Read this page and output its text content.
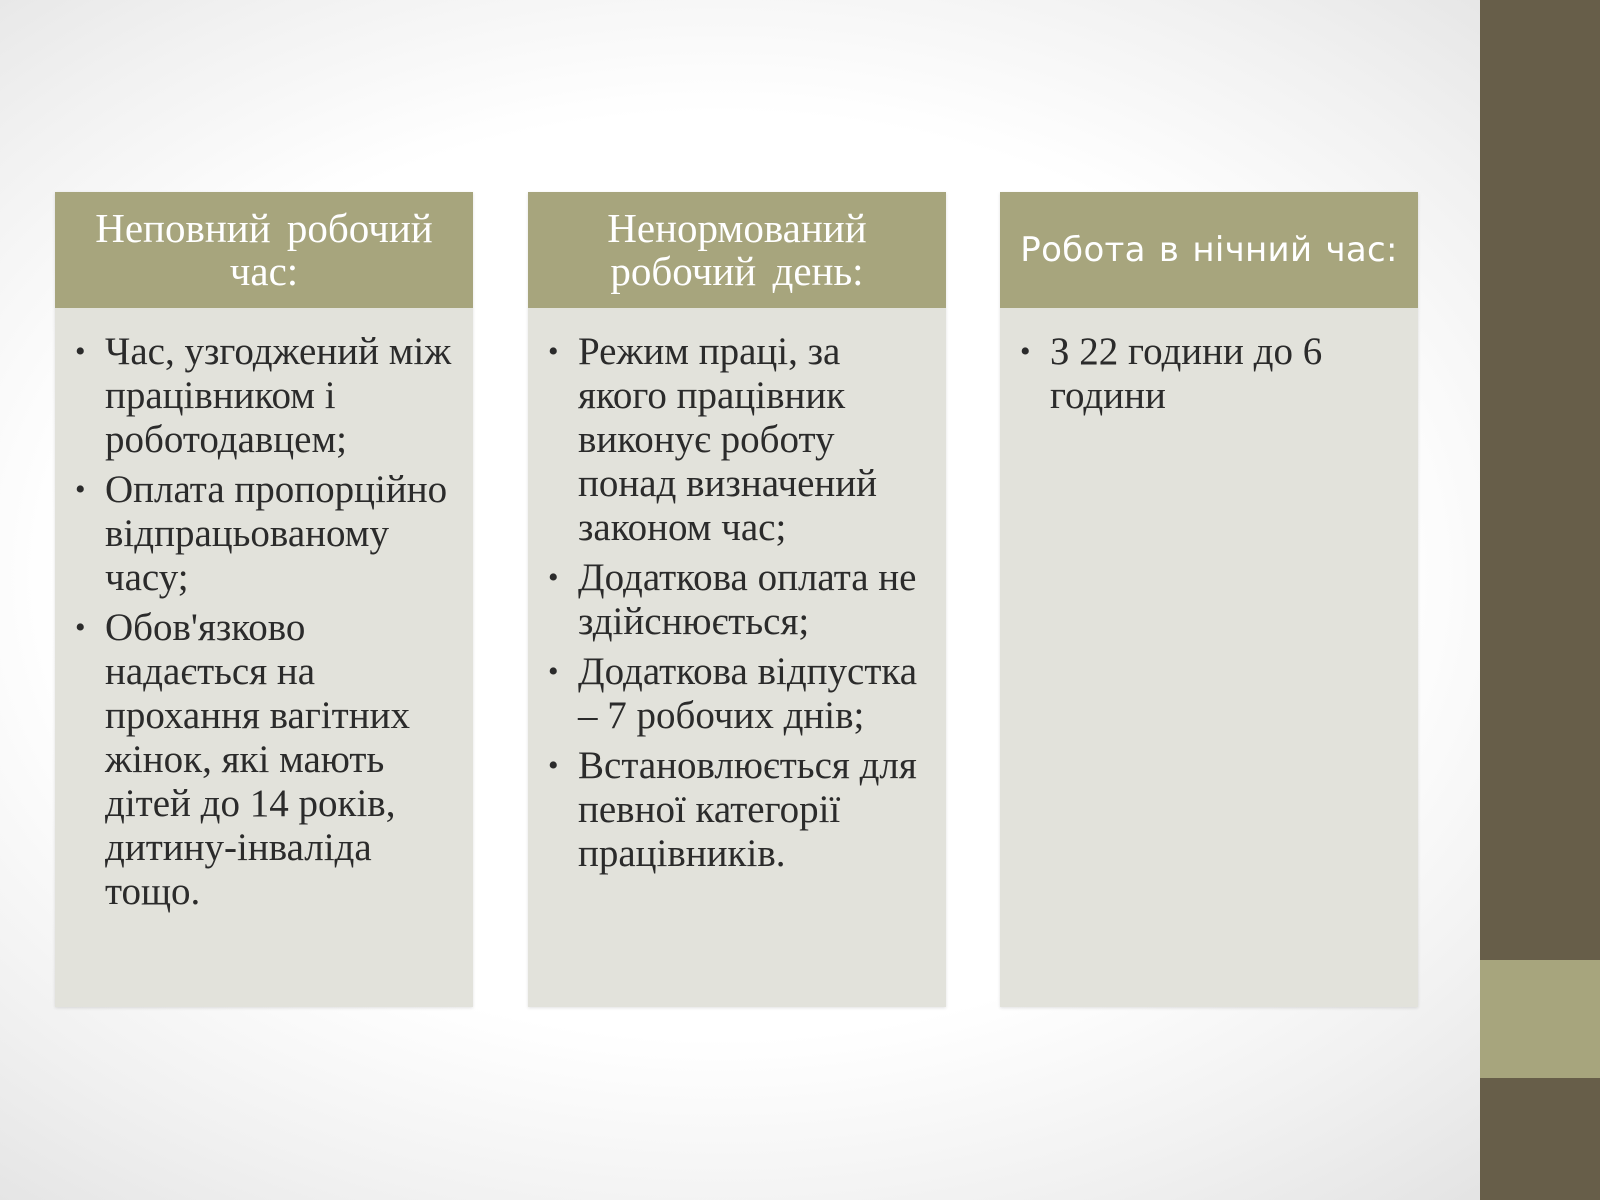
Неповний робочий час:
• Час, узгоджений між працівником і роботодавцем;
• Оплата пропорційно відпрацьованому часу;
• Обов'язково надається на прохання вагітних жінок, які мають дітей до 14 років, дитину-інваліда тощо.
Ненормований робочий день:
• Режим праці, за якого працівник виконує роботу понад визначений законом час;
• Додаткова оплата не здійснюється;
• Додаткова відпустка – 7 робочих днів;
• Встановлюється для певної категорії працівників.
Робота в нічний час:
• З 22 години до 6 години
